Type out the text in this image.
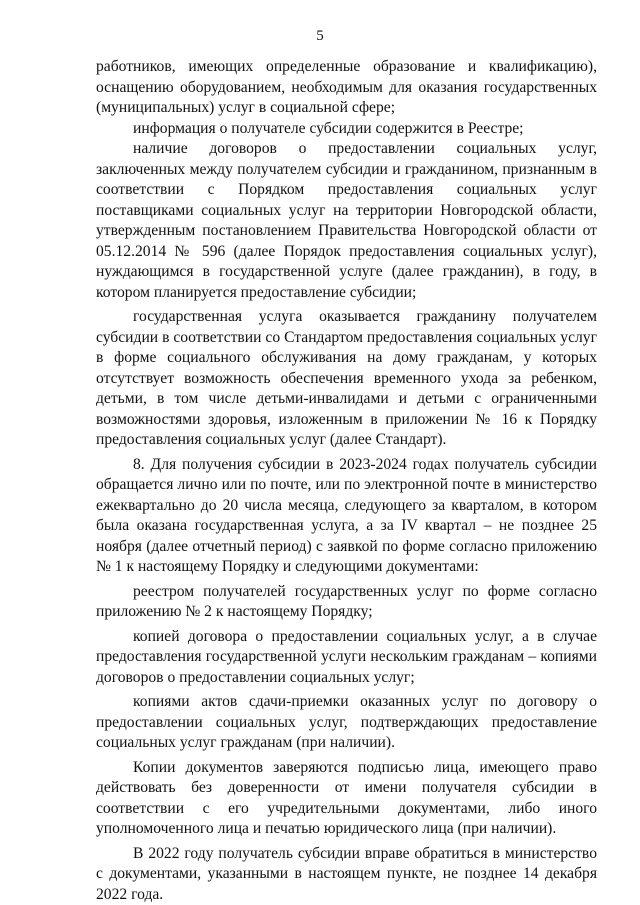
5

работников, имеющих определенные образование и квалификацию), оснащению оборудованием, необходимым для оказания государственных (муниципальных) услуг в социальной сфере;

информация о получателе субсидии содержится в Реестре;

наличие договоров о предоставлении социальных услуг, заключенных между получателем субсидии и гражданином, признанным в соответствии с Порядком предоставления социальных услуг поставщиками социальных услуг на территории Новгородской области, утвержденным постановлением Правительства Новгородской области от 05.12.2014 № 596 (далее Порядок предоставления социальных услуг), нуждающимся в государственной услуге (далее гражданин), в году, в котором планируется предоставление субсидии;

государственная услуга оказывается гражданину получателем субсидии в соответствии со Стандартом предоставления социальных услуг в форме социального обслуживания на дому гражданам, у которых отсутствует возможность обеспечения временного ухода за ребенком, детьми, в том числе детьми-инвалидами и детьми с ограниченными возможностями здоровья, изложенным в приложении № 16 к Порядку предоставления социальных услуг (далее Стандарт).

8. Для получения субсидии в 2023-2024 годах получатель субсидии обращается лично или по почте, или по электронной почте в министерство ежеквартально до 20 числа месяца, следующего за кварталом, в котором была оказана государственная услуга, а за IV квартал – не позднее 25 ноября (далее отчетный период) с заявкой по форме согласно приложению № 1 к настоящему Порядку и следующими документами:

реестром получателей государственных услуг по форме согласно приложению № 2 к настоящему Порядку;

копией договора о предоставлении социальных услуг, а в случае предоставления государственной услуги нескольким гражданам – копиями договоров о предоставлении социальных услуг;

копиями актов сдачи-приемки оказанных услуг по договору о предоставлении социальных услуг, подтверждающих предоставление социальных услуг гражданам (при наличии).

Копии документов заверяются подписью лица, имеющего право действовать без доверенности от имени получателя субсидии в соответствии с его учредительными документами, либо иного уполномоченного лица и печатью юридического лица (при наличии).

В 2022 году получатель субсидии вправе обратиться в министерство с документами, указанными в настоящем пункте, не позднее 14 декабря 2022 года.
